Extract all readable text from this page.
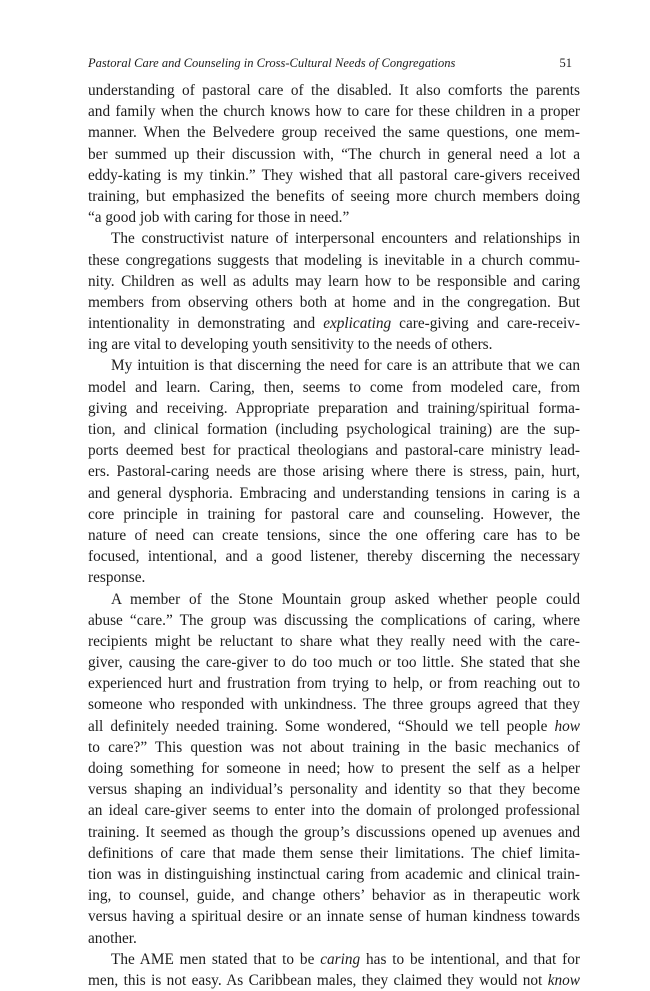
Pastoral Care and Counseling in Cross-Cultural Needs of Congregations	51
understanding of pastoral care of the disabled. It also comforts the parents
and family when the church knows how to care for these children in a proper
manner. When the Belvedere group received the same questions, one mem-
ber summed up their discussion with, “The church in general need a lot a
eddy-kating is my tinkin.” They wished that all pastoral care-givers received
training, but emphasized the benefits of seeing more church members doing
“a good job with caring for those in need.”
The constructivist nature of interpersonal encounters and relationships in
these congregations suggests that modeling is inevitable in a church commu-
nity. Children as well as adults may learn how to be responsible and caring
members from observing others both at home and in the congregation. But
intentionality in demonstrating and explicating care-giving and care-receiv-
ing are vital to developing youth sensitivity to the needs of others.
My intuition is that discerning the need for care is an attribute that we can
model and learn. Caring, then, seems to come from modeled care, from
giving and receiving. Appropriate preparation and training/spiritual forma-
tion, and clinical formation (including psychological training) are the sup-
ports deemed best for practical theologians and pastoral-care ministry lead-
ers. Pastoral-caring needs are those arising where there is stress, pain, hurt,
and general dysphoria. Embracing and understanding tensions in caring is a
core principle in training for pastoral care and counseling. However, the
nature of need can create tensions, since the one offering care has to be
focused, intentional, and a good listener, thereby discerning the necessary
response.
A member of the Stone Mountain group asked whether people could
abuse “care.” The group was discussing the complications of caring, where
recipients might be reluctant to share what they really need with the care-
giver, causing the care-giver to do too much or too little. She stated that she
experienced hurt and frustration from trying to help, or from reaching out to
someone who responded with unkindness. The three groups agreed that they
all definitely needed training. Some wondered, “Should we tell people how
to care?” This question was not about training in the basic mechanics of
doing something for someone in need; how to present the self as a helper
versus shaping an individual’s personality and identity so that they become
an ideal care-giver seems to enter into the domain of prolonged professional
training. It seemed as though the group’s discussions opened up avenues and
definitions of care that made them sense their limitations. The chief limita-
tion was in distinguishing instinctual caring from academic and clinical train-
ing, to counsel, guide, and change others’ behavior as in therapeutic work
versus having a spiritual desire or an innate sense of human kindness towards
another.
The AME men stated that to be caring has to be intentional, and that for
men, this is not easy. As Caribbean males, they claimed they would not know
